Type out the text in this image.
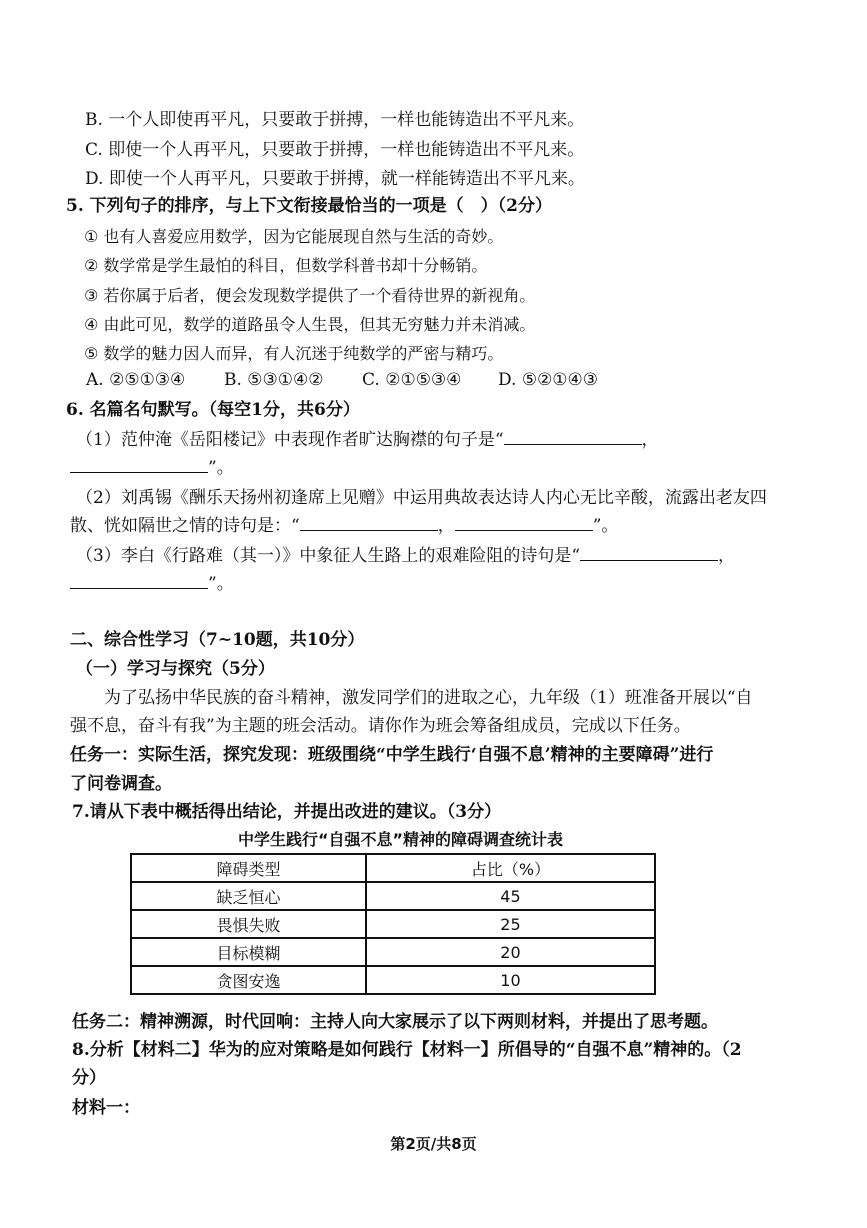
B. 一个人即使再平凡，只要敢于拼搏，一样也能铸造出不平凡来。
C. 即使一个人再平凡，只要敢于拼搏，一样也能铸造出不平凡来。
D. 即使一个人再平凡，只要敢于拼搏，就一样能铸造出不平凡来。
5. 下列句子的排序，与上下文衔接最恰当的一项是（　）（2分）
① 也有人喜爱应用数学，因为它能展现自然与生活的奇妙。
② 数学常是学生最怕的科目，但数学科普书却十分畅销。
③ 若你属于后者，便会发现数学提供了一个看待世界的新视角。
④ 由此可见，数学的道路虽令人生畏，但其无穷魅力并未消减。
⑤ 数学的魅力因人而异，有人沉迷于纯数学的严密与精巧。
A. ②⑤①③④ B. ⑤③①④② C. ②①⑤③④ D. ⑤②①④③
6. 名篇名句默写。（每空1分，共6分）
（1）范仲淹《岳阳楼记》中表现作者旷达胸襟的句子是“	，
”。
（2）刘禹锡《酬乐天扬州初逢席上见赠》中运用典故表达诗人内心无比辛酸，流露出老友四
散、恍如隔世之情的诗句是：“	，	”。
（3）李白《行路难（其一）》中象征人生路上的艰难险阻的诗句是“	，
”。
二、综合性学习（7~10题，共10分）
（一）学习与探究（5分）
为了弘扬中华民族的奋斗精神，激发同学们的进取之心，九年级（1）班准备开展以“自
强不息，奋斗有我”为主题的班会活动。请你作为班会筹备组成员，完成以下任务。
任务一：实际生活，探究发现：班级围绕“中学生践行‘自强不息’精神的主要障碍”进行
了问卷调查。
7.请从下表中概括得出结论，并提出改进的建议。（3分）
中学生践行“自强不息”精神的障碍调查统计表
障碍类型	占比（%）
缺乏恒心	45
畏惧失败	25
目标模糊	20
贪图安逸	10
任务二：精神溯源，时代回响：主持人向大家展示了以下两则材料，并提出了思考题。
8.分析【材料二】华为的应对策略是如何践行【材料一】所倡导的“自强不息”精神的。（2
分）
材料一：
第2页/共8页
